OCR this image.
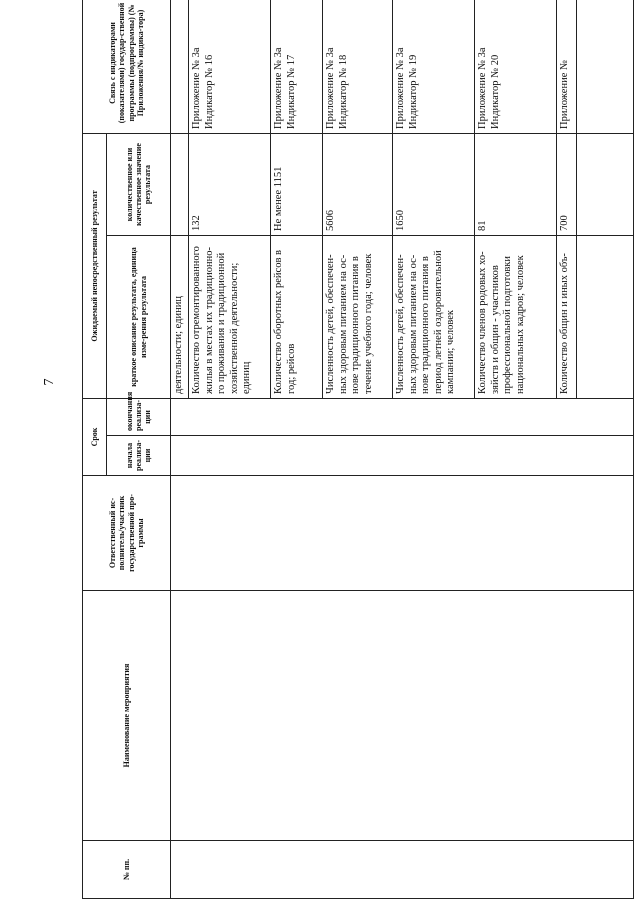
7
№ пп.	Наименование мероприятия	Ответственный ис-полнитель/участник государственной про-граммы	Срок		Ожидаемый непосредственный результат		Связь с индикаторами (показателями) государ-ственной программы (подпрограммы) (№ Приложения/№ индика-тора)
			начала реализа-ции	окончания реализа-ции	краткое описание результата, единица изме-рения результата	количественное или качественное значение результата	
					деятельности; единиц		
					Количество отремонтированного жилья в местах их традиционно-го проживания и традиционной хозяйственной деятельности; единиц	132	Приложение № 3а Индикатор № 16
					Количество оборотных рейсов в год; рейсов	Не менее 1151	Приложение № 3а Индикатор № 17
					Численность детей, обеспечен-ных здоровым питанием на ос-нове традиционного питания в течение учебного года; человек	5606	Приложение № 3а Индикатор № 18
					Численность детей, обеспечен-ных здоровым питанием на ос-нове традиционного питания в период летней оздоровительной кампании; человек	1650	Приложение № 3а Индикатор № 19
					Количество членов родовых хо-зяйств и общин - участников профессиональной подготовки национальных кадров; человек	81	Приложение № 3а Индикатор № 20
					Количество общин и иных объ-	700	Приложение №
